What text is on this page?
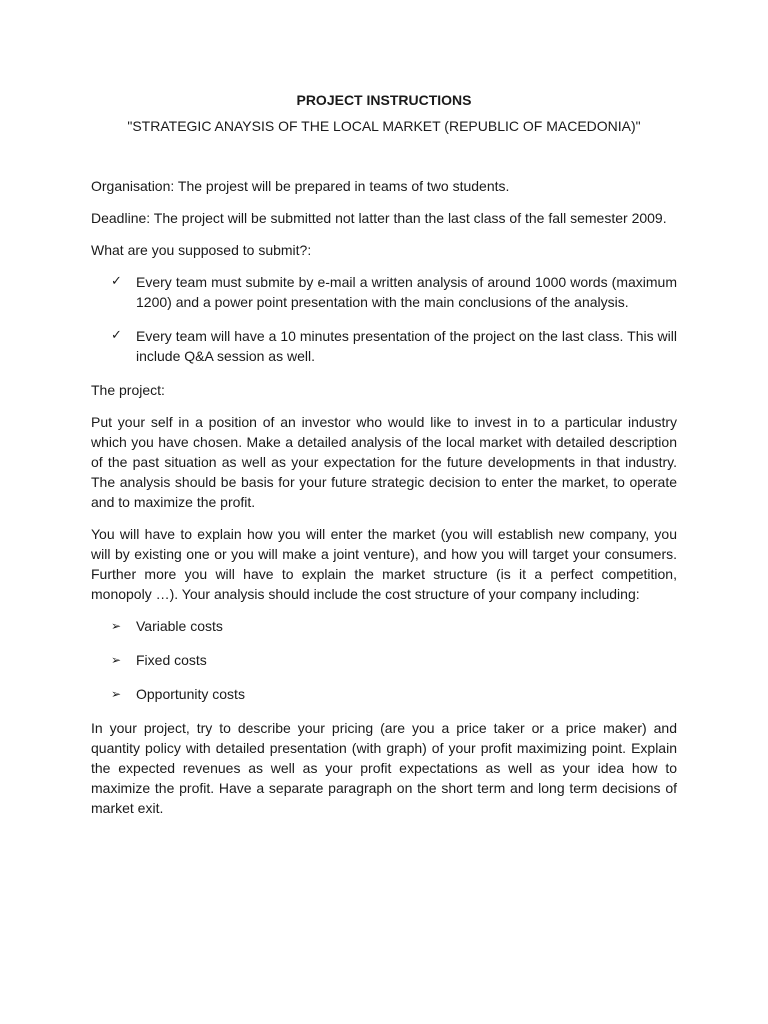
PROJECT INSTRUCTIONS
"STRATEGIC ANAYSIS OF THE LOCAL MARKET (REPUBLIC OF MACEDONIA)"

Organisation: The projest will be prepared in teams of two students.

Deadline: The project will be submitted not latter than the last class of the fall semester 2009.

What are you supposed to submit?:

✓ Every team must submite by e-mail a written analysis of around 1000 words (maximum 1200) and a power point presentation with the main conclusions of the analysis.
✓ Every team will have a 10 minutes presentation of the project on the last class. This will include Q&A session as well.

The project:

Put your self in a position of an investor who would like to invest in to a particular industry which you have chosen. Make a detailed analysis of the local market with detailed description of the past situation as well as your expectation for the future developments in that industry. The analysis should be basis for your future strategic decision to enter the market, to operate and to maximize the profit.

You will have to explain how you will enter the market (you will establish new company, you will by existing one or you will make a joint venture), and how you will target your consumers. Further more you will have to explain the market structure (is it a perfect competition, monopoly …). Your analysis should include the cost structure of your company including:

➢ Variable costs
➢ Fixed costs
➢ Opportunity costs

In your project, try to describe your pricing (are you a price taker or a price maker) and quantity policy with detailed presentation (with graph) of your profit maximizing point. Explain the expected revenues as well as your profit expectations as well as your idea how to maximize the profit. Have a separate paragraph on the short term and long term decisions of market exit.
